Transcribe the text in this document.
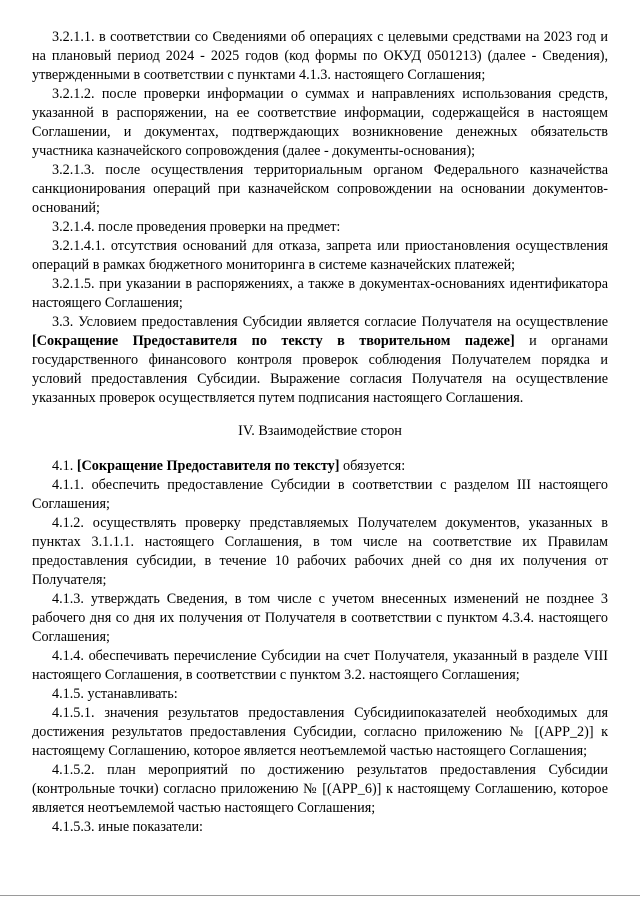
3.2.1.1. в соответствии со Сведениями об операциях с целевыми средствами на 2023 год и на плановый период 2024 - 2025 годов (код формы по ОКУД 0501213) (далее - Сведения), утвержденными в соответствии с пунктами 4.1.3. настоящего Соглашения;

3.2.1.2. после проверки информации о суммах и направлениях использования средств, указанной в распоряжении, на ее соответствие информации, содержащейся в настоящем Соглашении, и документах, подтверждающих возникновение денежных обязательств участника казначейского сопровождения (далее - документы-основания);

3.2.1.3. после осуществления территориальным органом Федерального казначейства санкционирования операций при казначейском сопровождении на основании документов-оснований;

3.2.1.4. после проведения проверки на предмет:

3.2.1.4.1. отсутствия оснований для отказа, запрета или приостановления осуществления операций в рамках бюджетного мониторинга в системе казначейских платежей;

3.2.1.5. при указании в распоряжениях, а также в документах-основаниях идентификатора настоящего Соглашения;

3.3. Условием предоставления Субсидии является согласие Получателя на осуществление [Сокращение Предоставителя по тексту в творительном падеже] и органами государственного финансового контроля проверок соблюдения Получателем порядка и условий предоставления Субсидии. Выражение согласия Получателя на осуществление указанных проверок осуществляется путем подписания настоящего Соглашения.

IV. Взаимодействие сторон

4.1. [Сокращение Предоставителя по тексту] обязуется:

4.1.1. обеспечить предоставление Субсидии в соответствии с разделом III настоящего Соглашения;

4.1.2. осуществлять проверку представляемых Получателем документов, указанных в пунктах 3.1.1.1. настоящего Соглашения, в том числе на соответствие их Правилам предоставления субсидии, в течение 10 рабочих рабочих дней со дня их получения от Получателя;

4.1.3. утверждать Сведения, в том числе с учетом внесенных изменений не позднее 3 рабочего дня со дня их получения от Получателя в соответствии с пунктом 4.3.4. настоящего Соглашения;

4.1.4. обеспечивать перечисление Субсидии на счет Получателя, указанный в разделе VIII настоящего Соглашения, в соответствии с пунктом 3.2. настоящего Соглашения;

4.1.5. устанавливать:

4.1.5.1. значения результатов предоставления Субсидиипоказателей необходимых для достижения результатов предоставления Субсидии, согласно приложению № [(APP_2)] к настоящему Соглашению, которое является неотъемлемой частью настоящего Соглашения;

4.1.5.2. план мероприятий по достижению результатов предоставления Субсидии (контрольные точки) согласно приложению № [(APP_6)] к настоящему Соглашению, которое является неотъемлемой частью настоящего Соглашения;

4.1.5.3. иные показатели:
